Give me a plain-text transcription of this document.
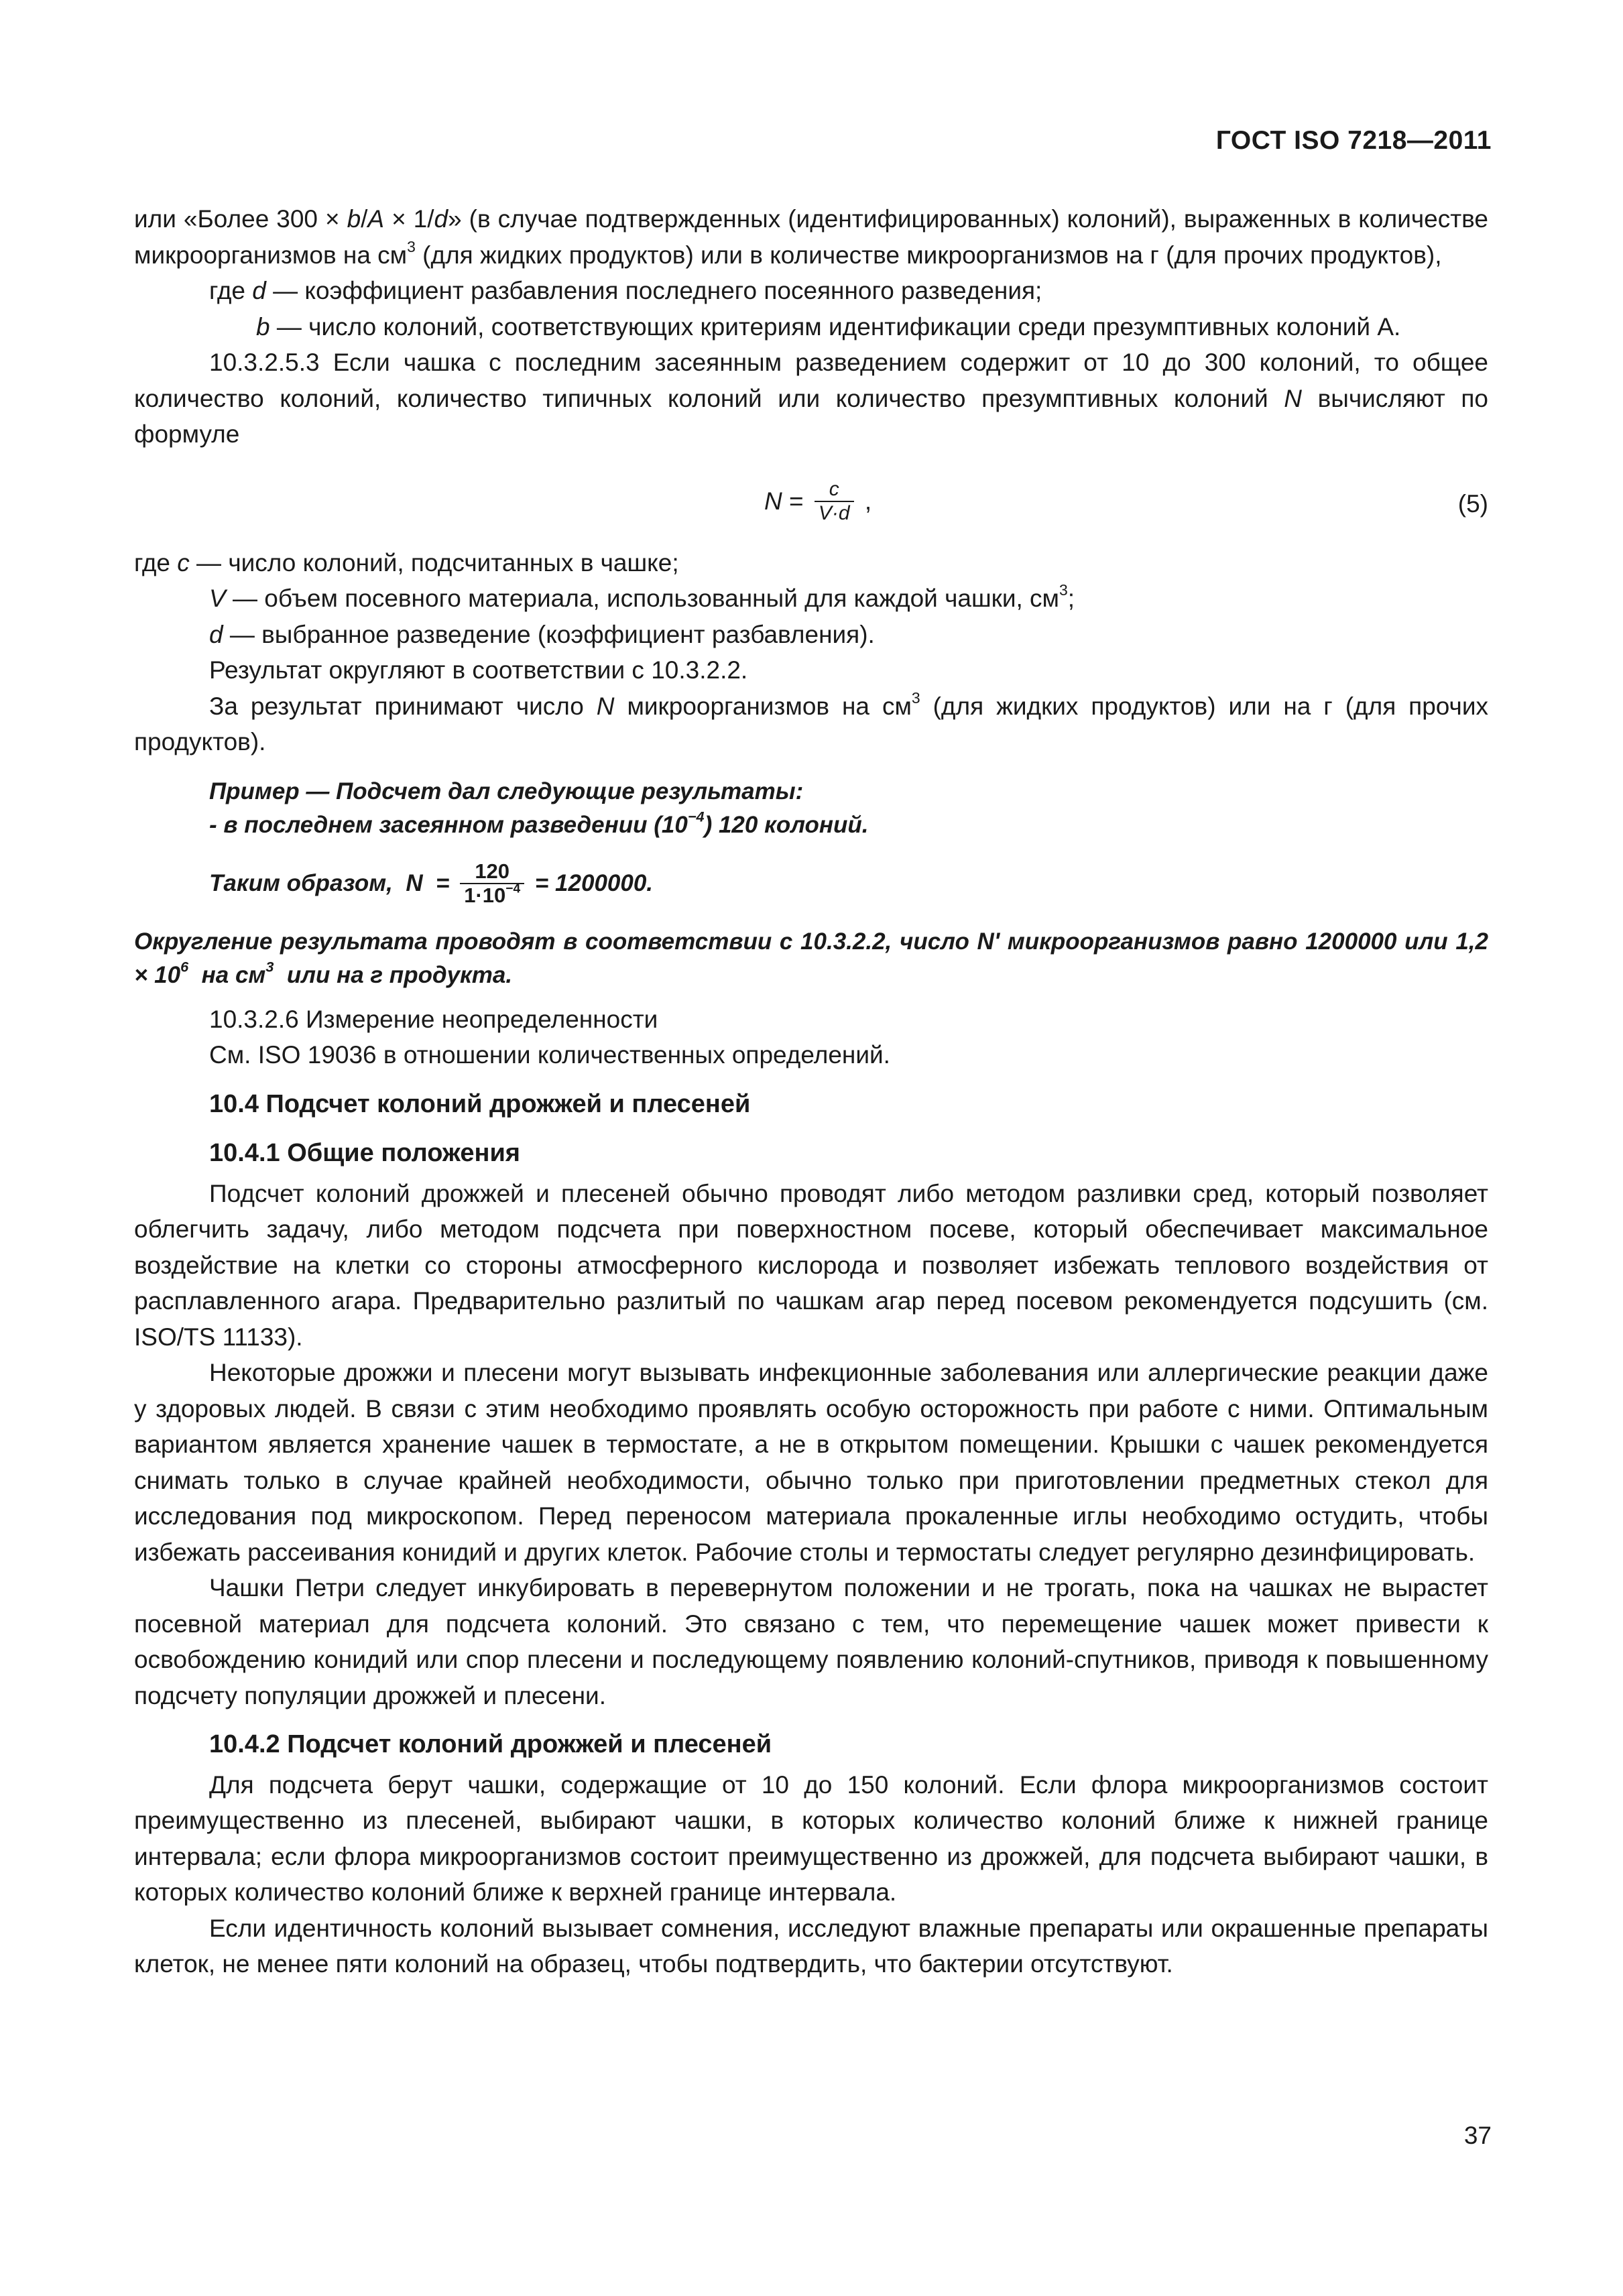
ГОСТ ISO 7218—2011

или «Более 300 × b/A × 1/d» (в случае подтвержденных (идентифицированных) колоний), выраженных в количестве микроорганизмов на $см^3$ (для жидких продуктов) или в количестве микроорганизмов на г (для прочих продуктов),

где d — коэффициент разбавления последнего посеянного разведения;

b — число колоний, соответствующих критериям идентификации среди презумптивных колоний А.

10.3.2.5.3 Если чашка с последним засеянным разведением содержит от 10 до 300 колоний, то общее количество колоний, количество типичных колоний или количество презумптивных колоний N вычисляют по формуле

$N = \frac{c}{V\cdot d}$ ,	(5)

где c — число колоний, подсчитанных в чашке;

V — объем посевного материала, использованный для каждой чашки, $см^3$;

d — выбранное разведение (коэффициент разбавления).

Результат округляют в соответствии с 10.3.2.2.

За результат принимают число N микроорганизмов на $см^3$ (для жидких продуктов) или на г (для прочих продуктов).

Пример — Подсчет дал следующие результаты:
- в последнем засеянном разведении $(10^{-4})$ 120 колоний.
Таким образом,  $N = \frac{120}{1\cdot 10^{-4}} = 1200000$.
Округление результата проводят в соответствии с 10.3.2.2, число N' микроорганизмов равно 1200000 или $1,2 \times 10^6$  на $см^3$  или на г продукта.

10.3.2.6 Измерение неопределенности

См. ISO 19036 в отношении количественных определений.

10.4 Подсчет колоний дрожжей и плесеней
10.4.1 Общие положения

Подсчет колоний дрожжей и плесеней обычно проводят либо методом разливки сред, который позволяет облегчить задачу, либо методом подсчета при поверхностном посеве, который обеспечивает максимальное воздействие на клетки со стороны атмосферного кислорода и позволяет избежать теплового воздействия от расплавленного агара. Предварительно разлитый по чашкам агар перед посевом рекомендуется подсушить (см. ISO/TS 11133).

Некоторые дрожжи и плесени могут вызывать инфекционные заболевания или аллергические реакции даже у здоровых людей. В связи с этим необходимо проявлять особую осторожность при работе с ними. Оптимальным вариантом является хранение чашек в термостате, а не в открытом помещении. Крышки с чашек рекомендуется снимать только в случае крайней необходимости, обычно только при приготовлении предметных стекол для исследования под микроскопом. Перед переносом материала прокаленные иглы необходимо остудить, чтобы избежать рассеивания конидий и других клеток. Рабочие столы и термостаты следует регулярно дезинфицировать.

Чашки Петри следует инкубировать в перевернутом положении и не трогать, пока на чашках не вырастет посевной материал для подсчета колоний. Это связано с тем, что перемещение чашек может привести к освобождению конидий или спор плесени и последующему появлению колоний-спутников, приводя к повышенному подсчету популяции дрожжей и плесени.

10.4.2 Подсчет колоний дрожжей и плесеней

Для подсчета берут чашки, содержащие от 10 до 150 колоний. Если флора микроорганизмов состоит преимущественно из плесеней, выбирают чашки, в которых количество колоний ближе к нижней границе интервала; если флора микроорганизмов состоит преимущественно из дрожжей, для подсчета выбирают чашки, в которых количество колоний ближе к верхней границе интервала.

Если идентичность колоний вызывает сомнения, исследуют влажные препараты или окрашенные препараты клеток, не менее пяти колоний на образец, чтобы подтвердить, что бактерии отсутствуют.

37
